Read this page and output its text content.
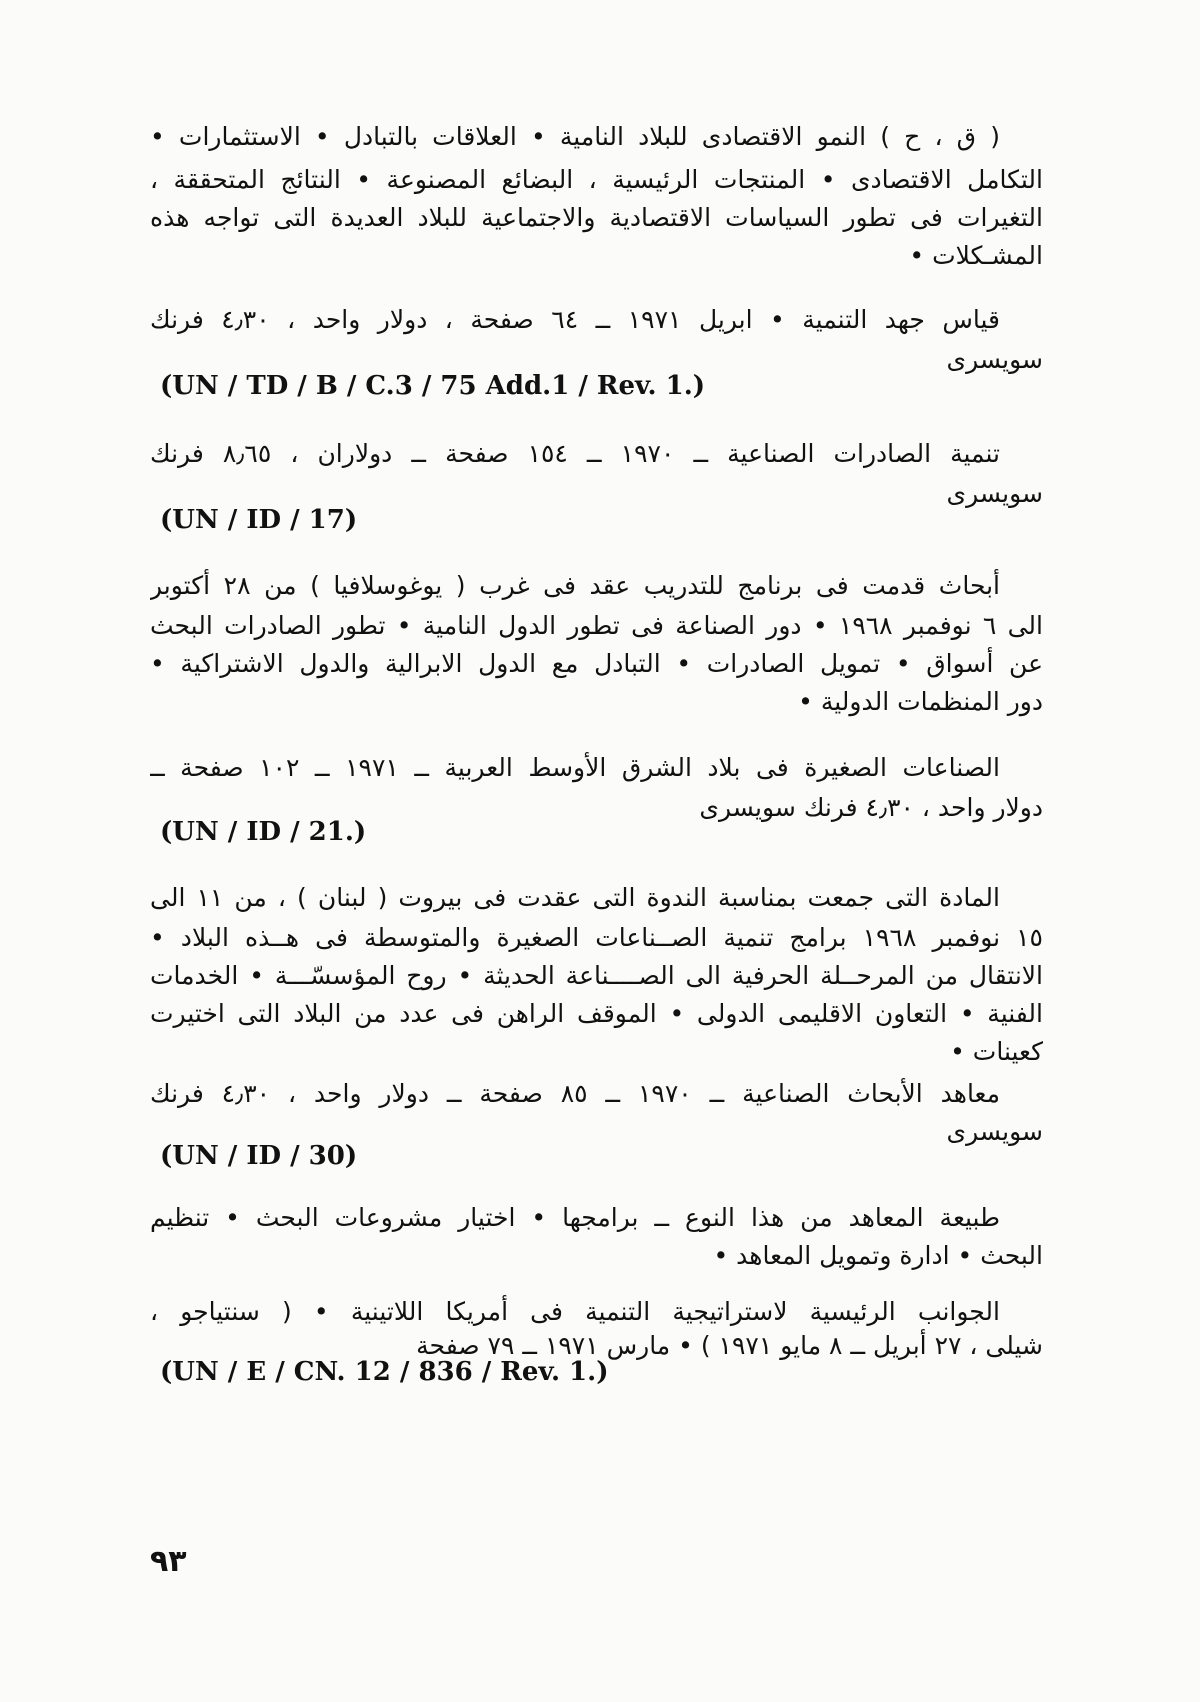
( ق ، ح ) النمو الاقتصادى للبلاد النامية • العلاقات بالتبادل • الاستثمارات •
التكامل الاقتصادى • المنتجات الرئيسية ، البضائع المصنوعة • النتائج المتحققة ،
التغيرات فى تطور السياسات الاقتصادية والاجتماعية للبلاد العديدة التى تواجه هذه
المشـكلات •
قياس جهد التنمية • ابريل ١٩٧١ ــ ٦٤ صفحة ، دولار واحد ، ٤٫٣٠ فرنك
سويسرى
(UN / TD / B / C.3 / 75 Add.1 / Rev. 1.)
تنمية الصادرات الصناعية ــ ١٩٧٠ ــ ١٥٤ صفحة ــ دولاران ، ٨٫٦٥ فرنك
سويسرى
(UN / ID / 17)
أبحاث قدمت فى برنامج للتدريب عقد فى غرب ( يوغوسلافيا ) من ٢٨ أكتوبر
الى ٦ نوفمبر ١٩٦٨ • دور الصناعة فى تطور الدول النامية • تطور الصادرات البحث
عن أسواق • تمويل الصادرات • التبادل مع الدول الابرالية والدول الاشتراكية •
دور المنظمات الدولية •
الصناعات الصغيرة فى بلاد الشرق الأوسط العربية ــ ١٩٧١ ــ ١٠٢ صفحة ــ
دولار واحد ، ٤٫٣٠ فرنك سويسرى
(UN / ID / 21.)
المادة التى جمعت بمناسبة الندوة التى عقدت فى بيروت ( لبنان ) ، من ١١ الى
١٥ نوفمبر ١٩٦٨ برامج تنمية الصــناعات الصغيرة والمتوسطة فى هــذه البلاد •
الانتقال من المرحــلة الحرفية الى الصــــناعة الحديثة • روح المؤسسّـــة • الخدمات
الفنية • التعاون الاقليمى الدولى • الموقف الراهن فى عدد من البلاد التى اختيرت
كعينات •
معاهد الأبحاث الصناعية ــ ١٩٧٠ ــ ٨٥ صفحة ــ دولار واحد ، ٤٫٣٠ فرنك
سويسرى
(UN / ID / 30)
طبيعة المعاهد من هذا النوع ــ برامجها • اختيار مشروعات البحث • تنظيم
البحث • ادارة وتمويل المعاهد •
الجوانب الرئيسية لاستراتيجية التنمية فى أمريكا اللاتينية • ( سنتياجو ،
شيلى ، ٢٧ أبريل ــ ٨ مايو ١٩٧١ ) • مارس ١٩٧١ ــ ٧٩ صفحة
(UN / E / CN. 12 / 836 / Rev. 1.)
٩٣
